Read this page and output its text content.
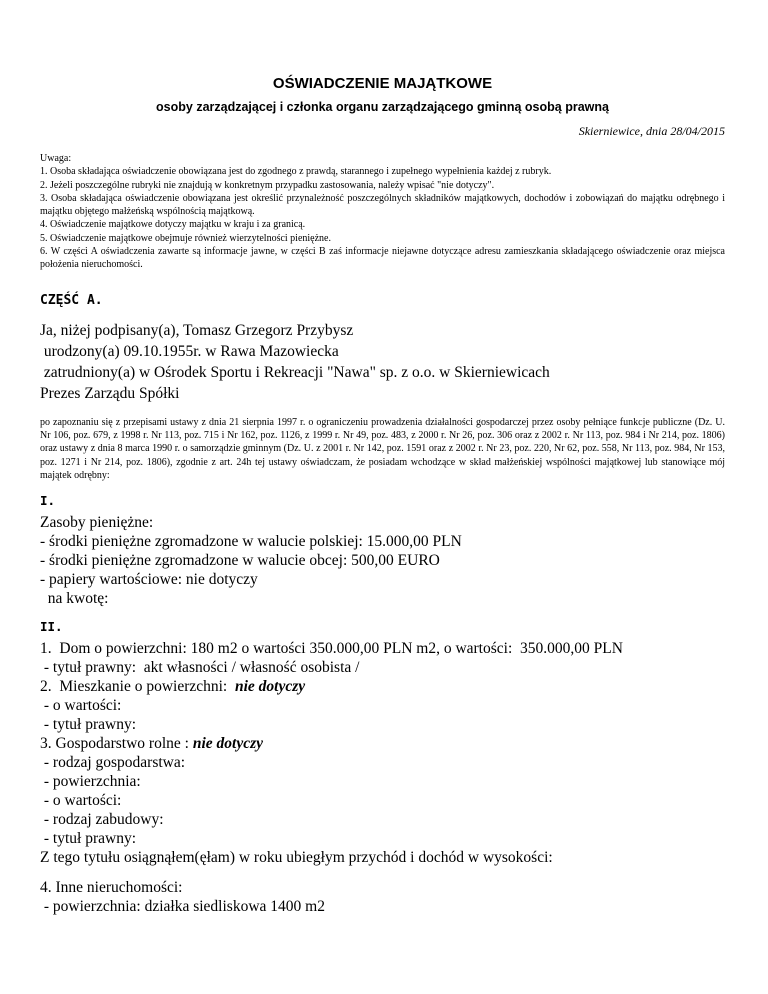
OŚWIADCZENIE MAJĄTKOWE
osoby zarządzającej i członka organu zarządzającego gminną osobą prawną
Skierniewice, dnia 28/04/2015
Uwaga:
1. Osoba składająca oświadczenie obowiązana jest do zgodnego z prawdą, starannego i zupełnego wypełnienia każdej z rubryk.
2. Jeżeli poszczególne rubryki nie znajdują w konkretnym przypadku zastosowania, należy wpisać "nie dotyczy".
3. Osoba składająca oświadczenie obowiązana jest określić przynależność poszczególnych składników majątkowych, dochodów i zobowiązań do majątku odrębnego i majątku objętego małżeńską wspólnością majątkową.
4. Oświadczenie majątkowe dotyczy majątku w kraju i za granicą.
5. Oświadczenie majątkowe obejmuje również wierzytelności pieniężne.
6. W części A oświadczenia zawarte są informacje jawne, w części B zaś informacje niejawne dotyczące adresu zamieszkania składającego oświadczenie oraz miejsca położenia nieruchomości.
CZĘŚĆ A.
Ja, niżej podpisany(a), Tomasz Grzegorz Przybysz
urodzony(a) 09.10.1955r. w Rawa Mazowiecka
zatrudniony(a) w Ośrodek Sportu i Rekreacji "Nawa" sp. z o.o. w Skierniewicach
Prezes Zarządu Spółki
po zapoznaniu się z przepisami ustawy z dnia 21 sierpnia 1997 r. o ograniczeniu prowadzenia działalności gospodarczej przez osoby pełniące funkcje publiczne (Dz. U. Nr 106, poz. 679, z 1998 r. Nr 113, poz. 715 i Nr 162, poz. 1126, z 1999 r. Nr 49, poz. 483, z 2000 r. Nr 26, poz. 306 oraz z 2002 r. Nr 113, poz. 984 i Nr 214, poz. 1806) oraz ustawy z dnia 8 marca 1990 r. o samorządzie gminnym (Dz. U. z 2001 r. Nr 142, poz. 1591 oraz z 2002 r. Nr 23, poz. 220, Nr 62, poz. 558, Nr 113, poz. 984, Nr 153, poz. 1271 i Nr 214, poz. 1806), zgodnie z art. 24h tej ustawy oświadczam, że posiadam wchodzące w skład małżeńskiej wspólności majątkowej lub stanowiące mój majątek odrębny:
I.
Zasoby pieniężne:
- środki pieniężne zgromadzone w walucie polskiej: 15.000,00 PLN
- środki pieniężne zgromadzone w walucie obcej: 500,00 EURO
- papiery wartościowe: nie dotyczy
na kwotę:
II.
1.  Dom o powierzchni: 180 m2 o wartości 350.000,00 PLN m2, o wartości:  350.000,00 PLN
- tytuł prawny:  akt własności / własność osobista /
2.  Mieszkanie o powierzchni:  nie dotyczy
- o wartości:
- tytuł prawny:
3. Gospodarstwo rolne : nie dotyczy
- rodzaj gospodarstwa:
- powierzchnia:
- o wartości:
- rodzaj zabudowy:
- tytuł prawny:
Z tego tytułu osiągnąłem(ęłam) w roku ubiegłym przychód i dochód w wysokości:
4. Inne nieruchomości:
- powierzchnia: działka siedliskowa 1400 m2
